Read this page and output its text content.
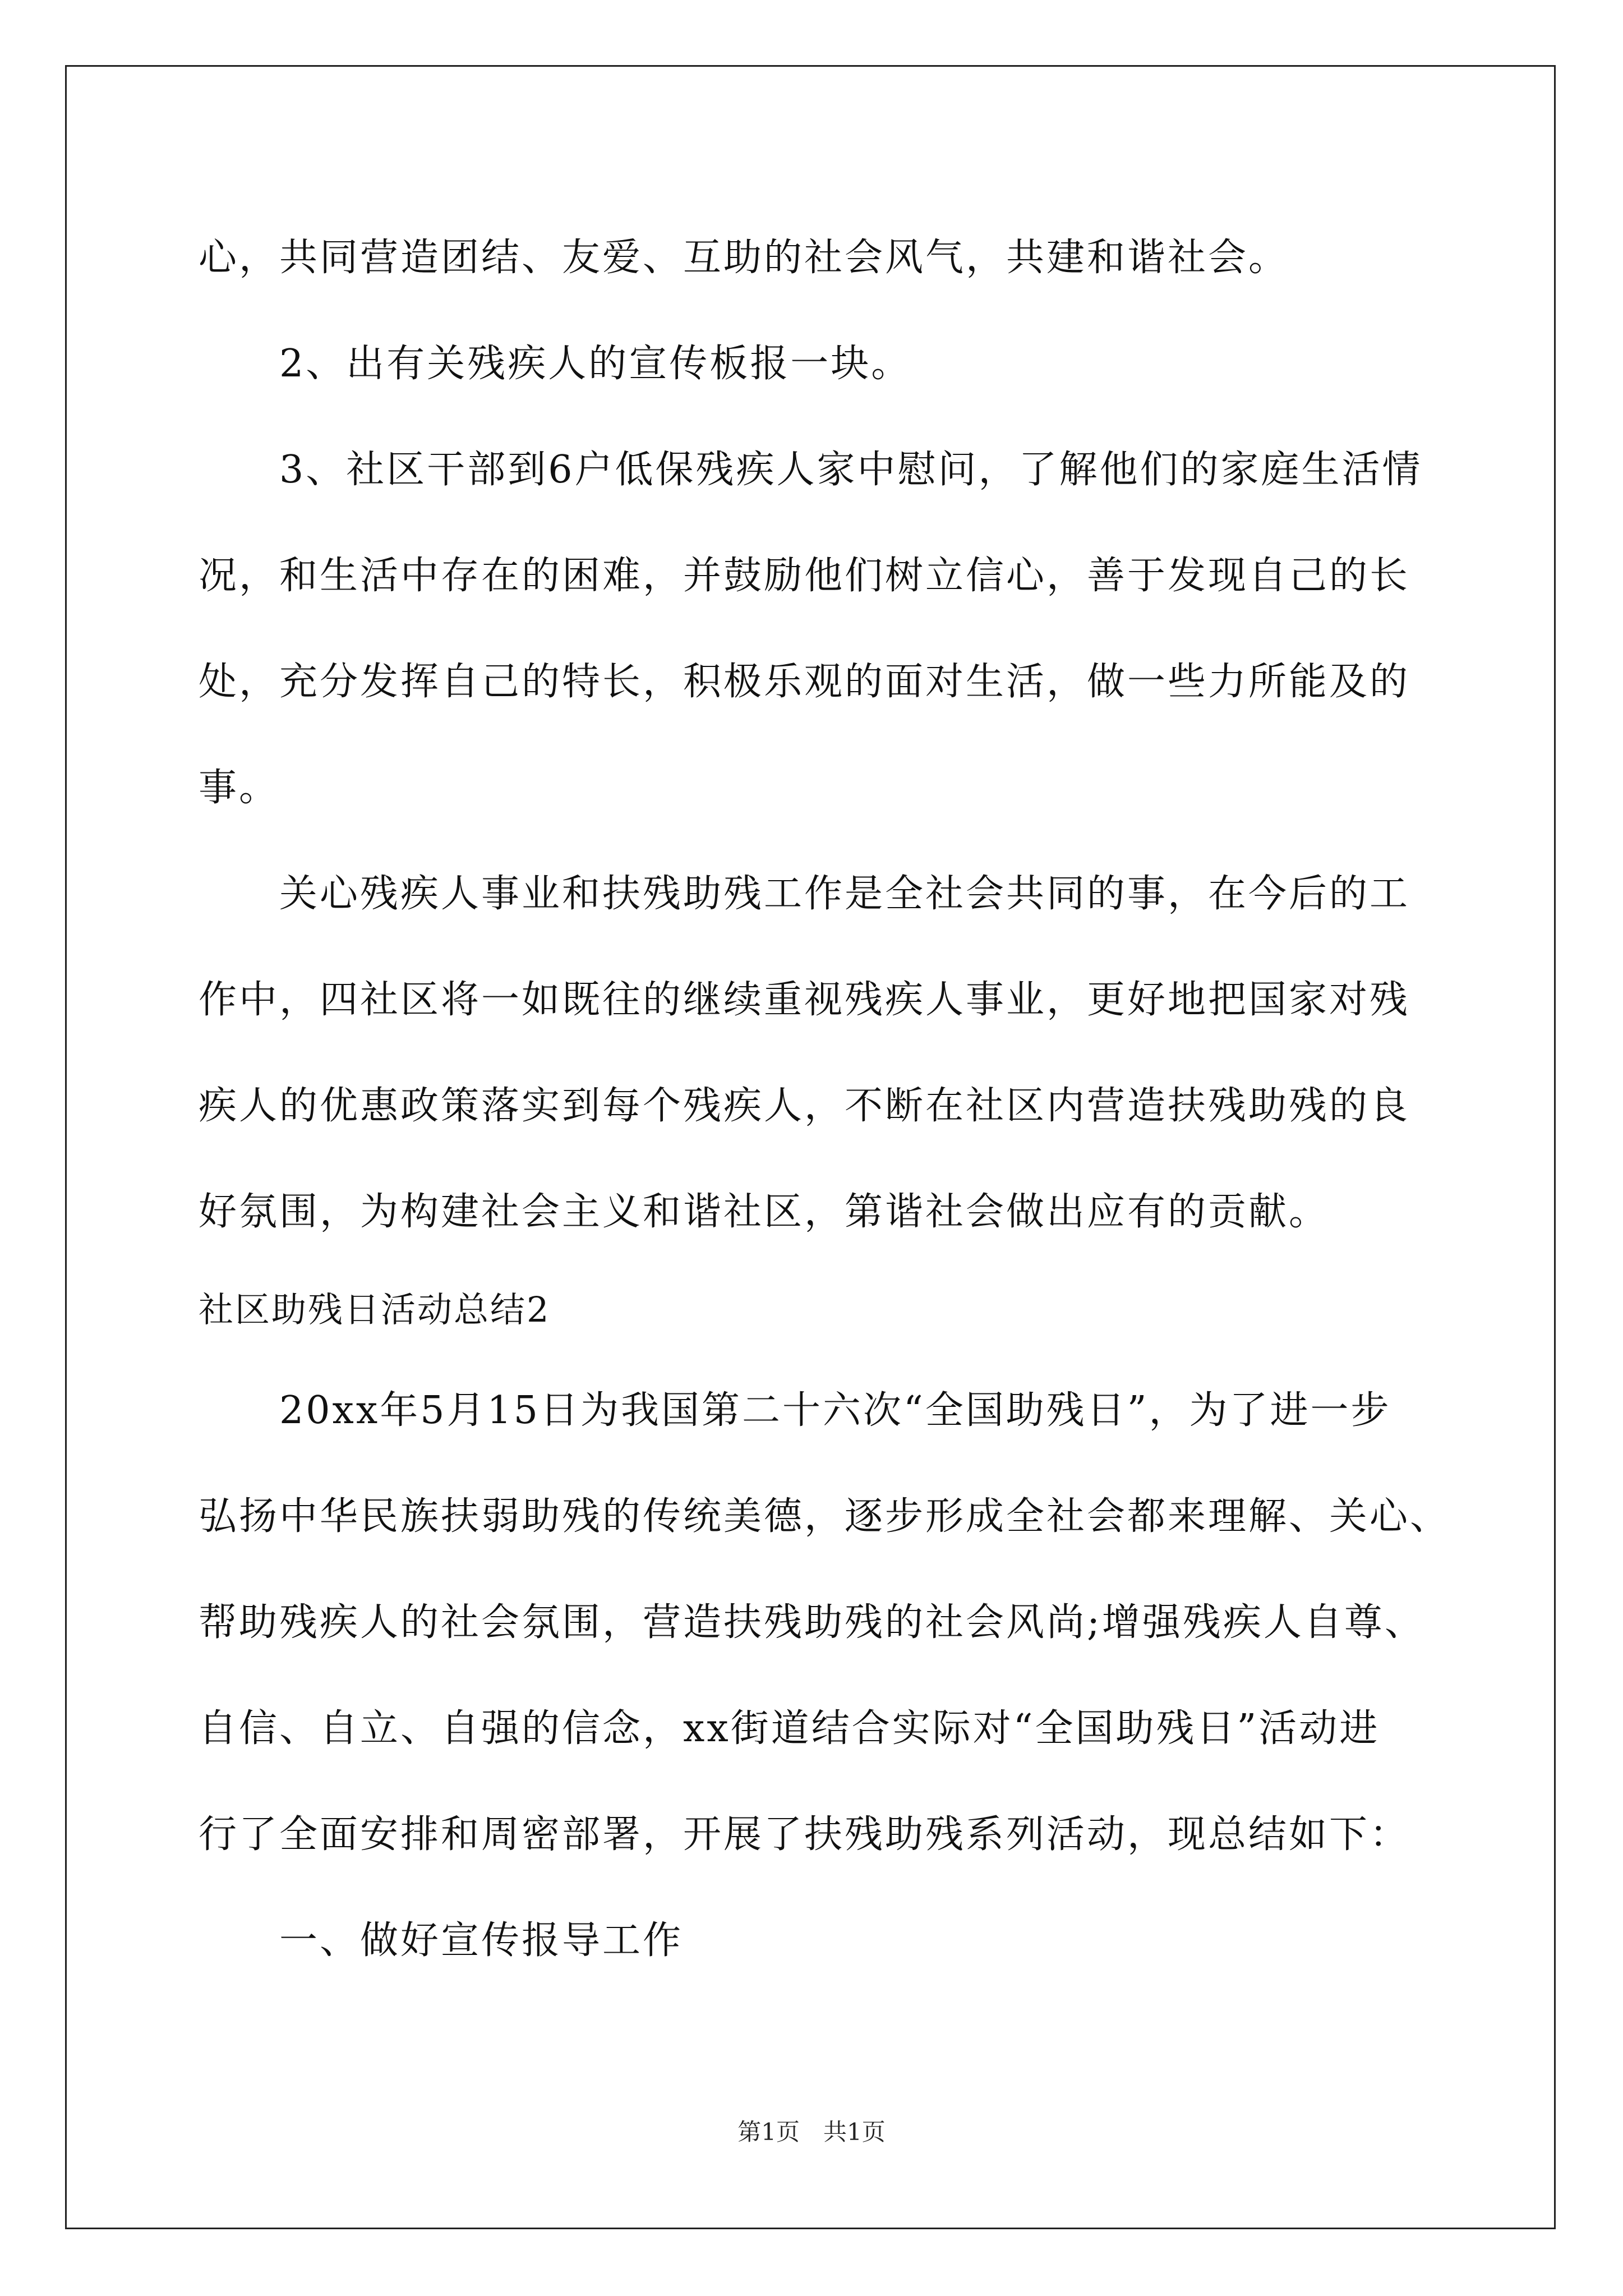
心，共同营造团结、友爱、互助的社会风气，共建和谐社会。
2、出有关残疾人的宣传板报一块。
3、社区干部到6户低保残疾人家中慰问，了解他们的家庭生活情
况，和生活中存在的困难，并鼓励他们树立信心，善于发现自己的长
处，充分发挥自己的特长，积极乐观的面对生活，做一些力所能及的
事。
关心残疾人事业和扶残助残工作是全社会共同的事，在今后的工
作中，四社区将一如既往的继续重视残疾人事业，更好地把国家对残
疾人的优惠政策落实到每个残疾人，不断在社区内营造扶残助残的良
好氛围，为构建社会主义和谐社区，第谐社会做出应有的贡献。
社区助残日活动总结2
20xx年5月15日为我国第二十六次“全国助残日”，为了进一步
弘扬中华民族扶弱助残的传统美德，逐步形成全社会都来理解、关心、
帮助残疾人的社会氛围，营造扶残助残的社会风尚;增强残疾人自尊、
自信、自立、自强的信念，xx街道结合实际对“全国助残日”活动进
行了全面安排和周密部署，开展了扶残助残系列活动，现总结如下：
一、做好宣传报导工作
第1页　共1页
